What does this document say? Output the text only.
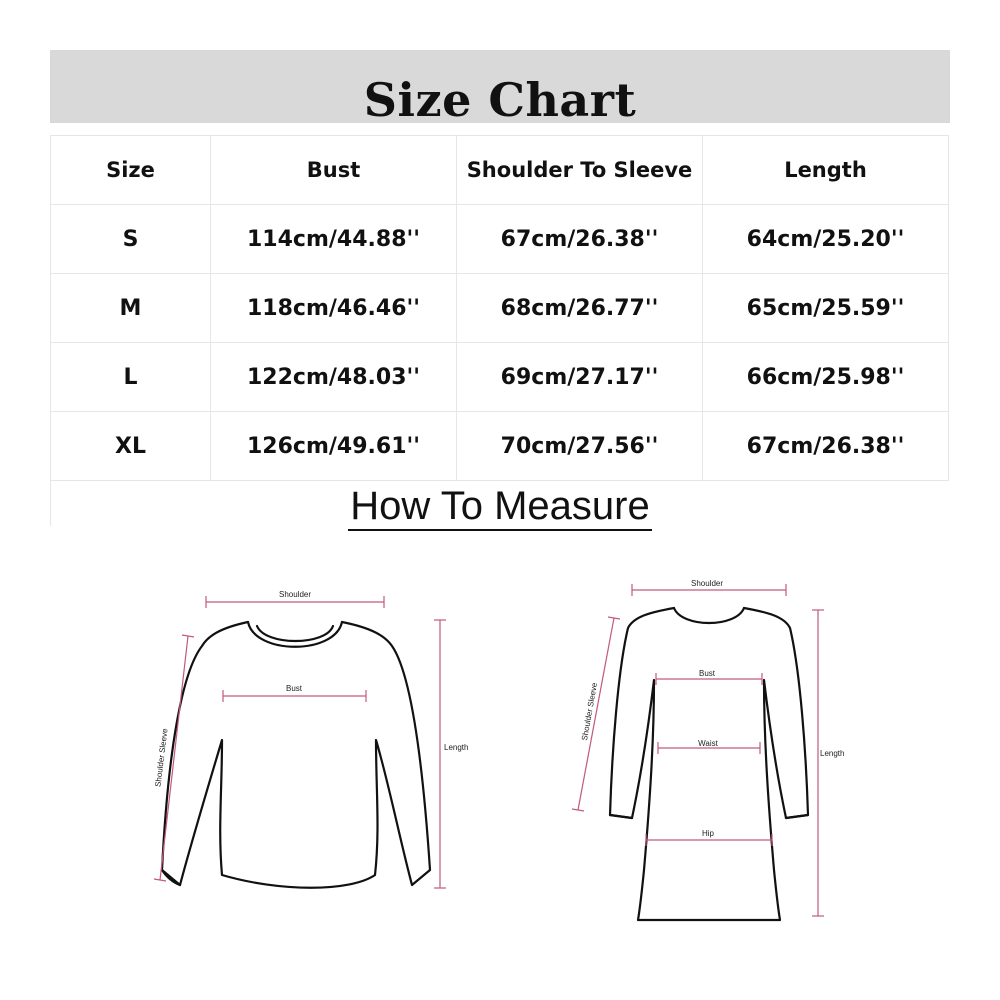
Size Chart
Size	Bust	Shoulder To Sleeve	Length
S	114cm/44.88''	67cm/26.38''	64cm/25.20''
M	118cm/46.46''	68cm/26.77''	65cm/25.59''
L	122cm/48.03''	69cm/27.17''	66cm/25.98''
XL	126cm/49.61''	70cm/27.56''	67cm/26.38''
How To Measure
Shoulder
Bust
Length
Shoulder Sleeve
Shoulder
Bust
Waist
Hip
Length
Shoulder Sleeve
